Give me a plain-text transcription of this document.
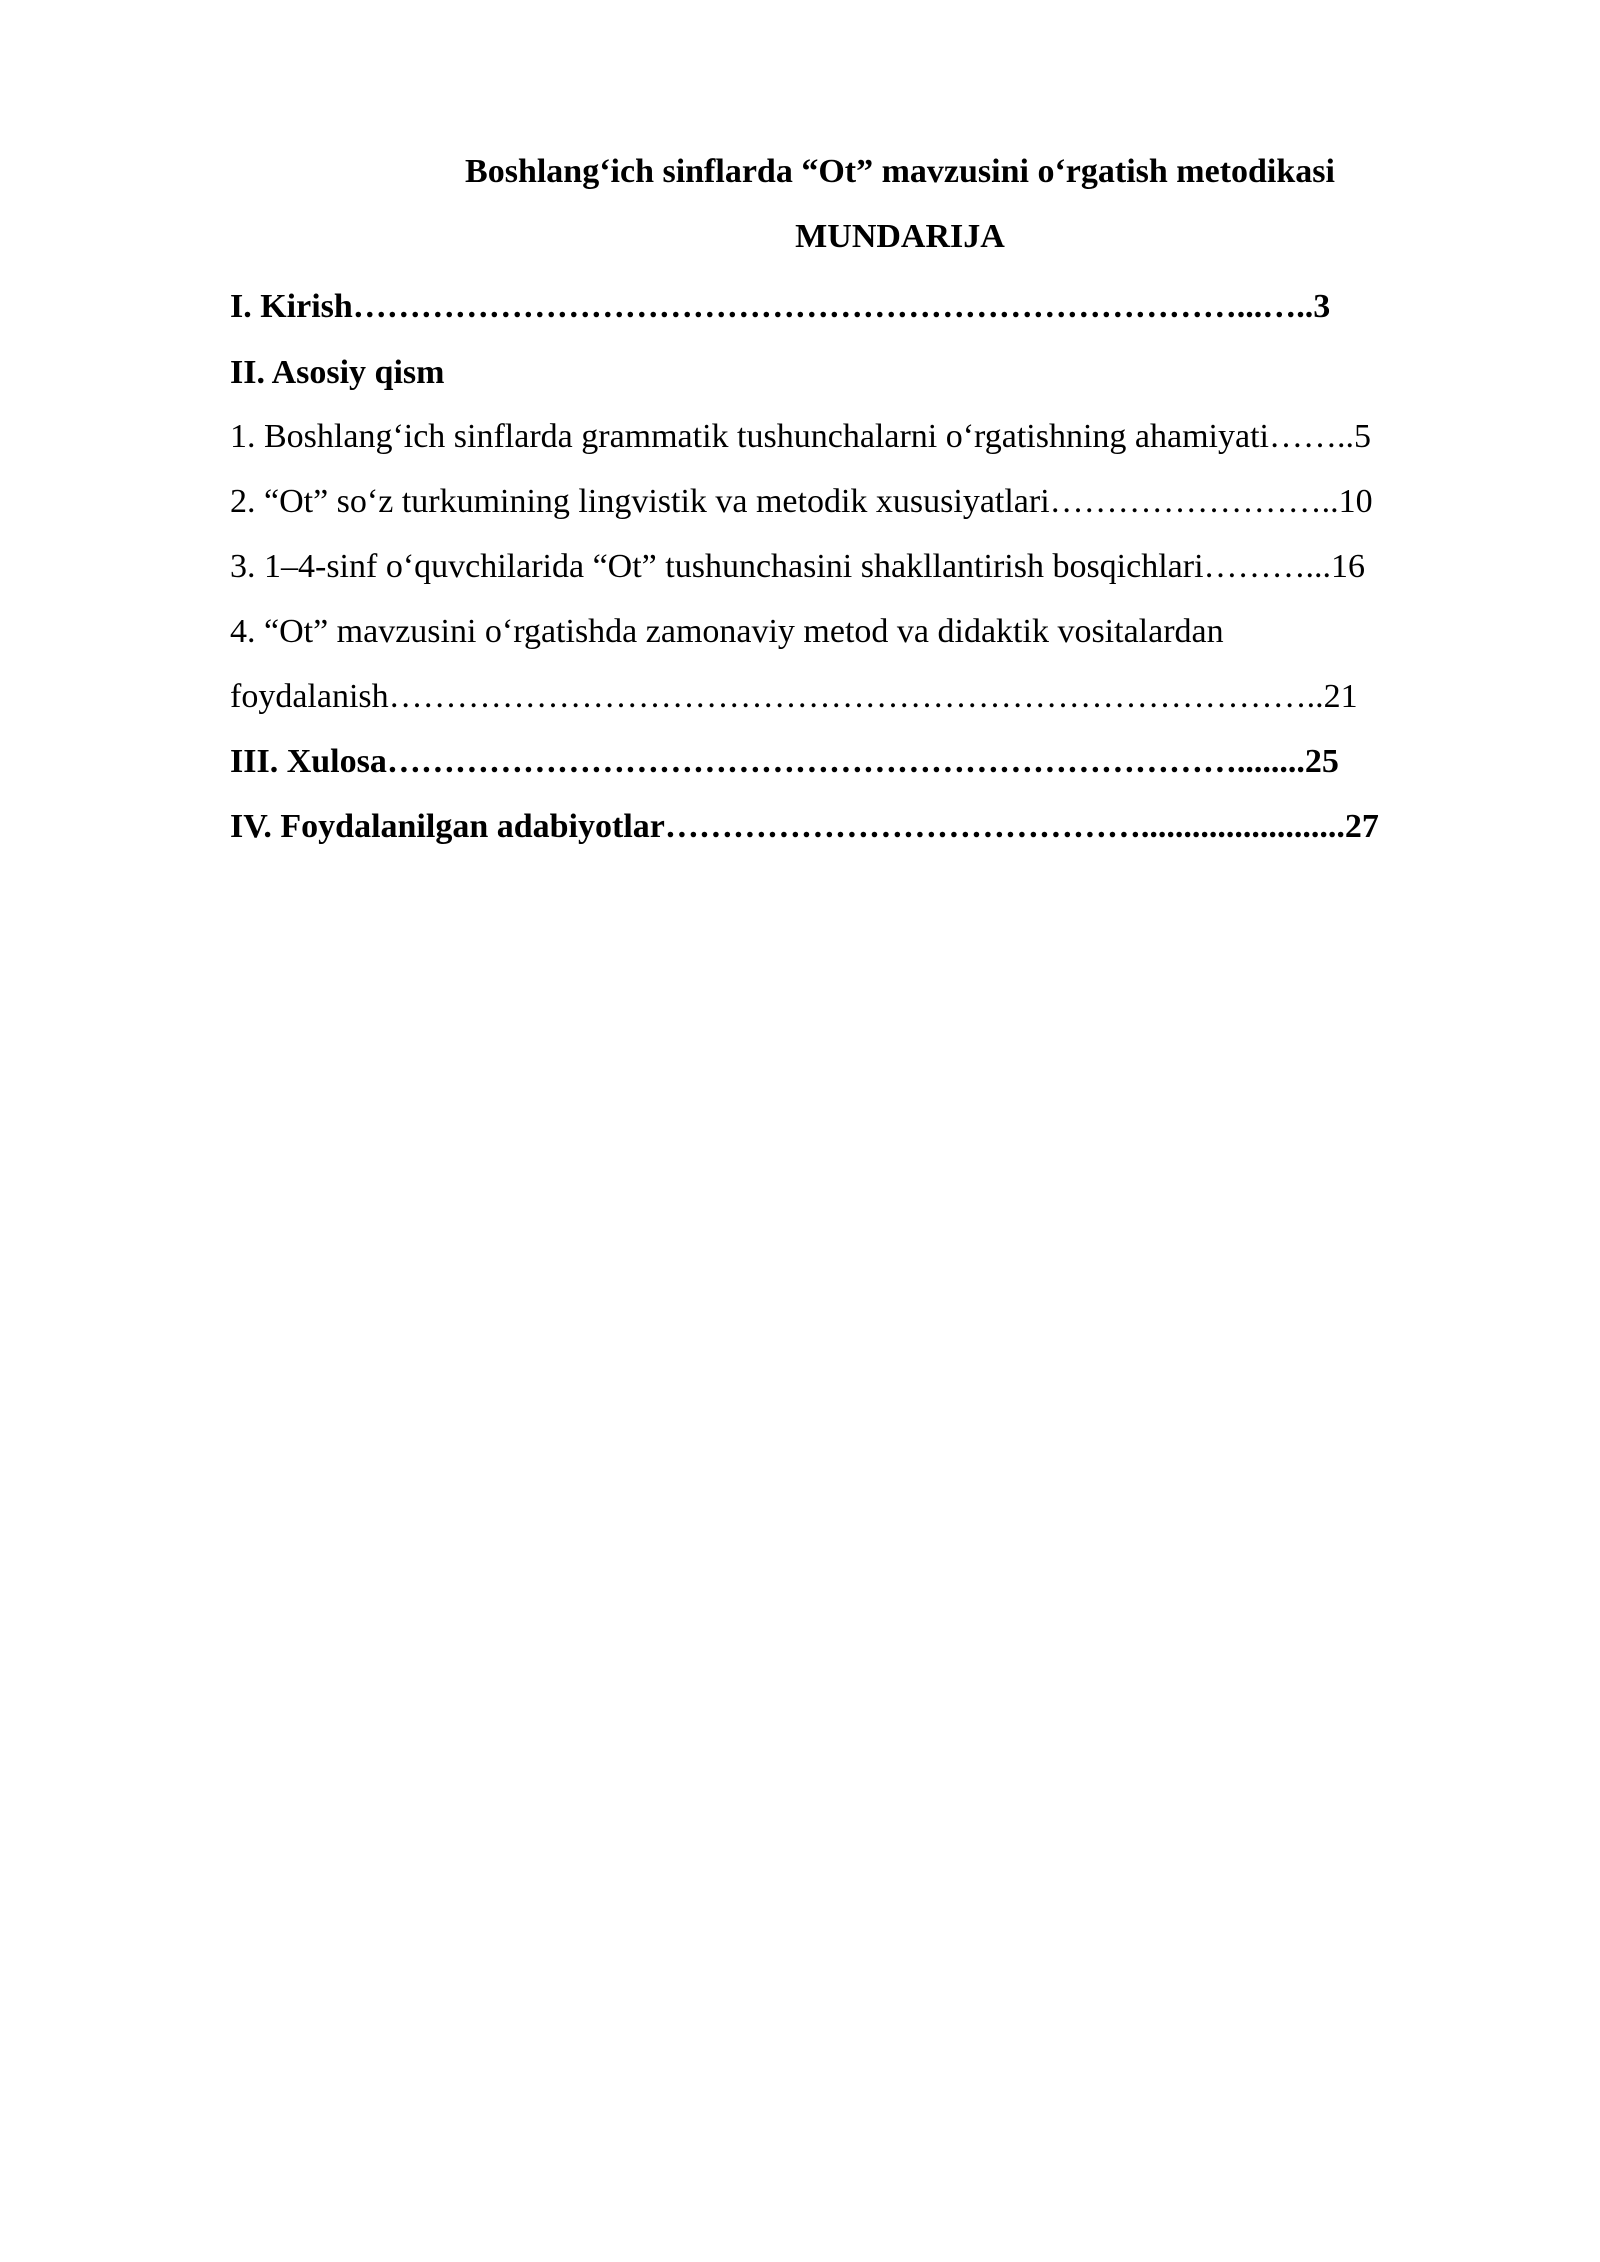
Boshlang‘ich sinflarda “Ot” mavzusini o‘rgatish metodikasi
MUNDARIJA
I. Kirish……………………………………………………………………...…..3
II. Asosiy qism
1. Boshlang‘ich sinflarda grammatik tushunchalarni o‘rgatishning ahamiyati……..5
2. “Ot” so‘z turkumining lingvistik va metodik xususiyatlari……………………..10
3. 1–4-sinf o‘quvchilarida “Ot” tushunchasini shakllantirish bosqichlari………...16
4. “Ot” mavzusini o‘rgatishda zamonaviy metod va didaktik vositalardan
foydalanish………………………………………………………………………..21
III. Xulosa…………………………………………………………………........25
IV. Foydalanilgan adabiyotlar……………………………………........................27
